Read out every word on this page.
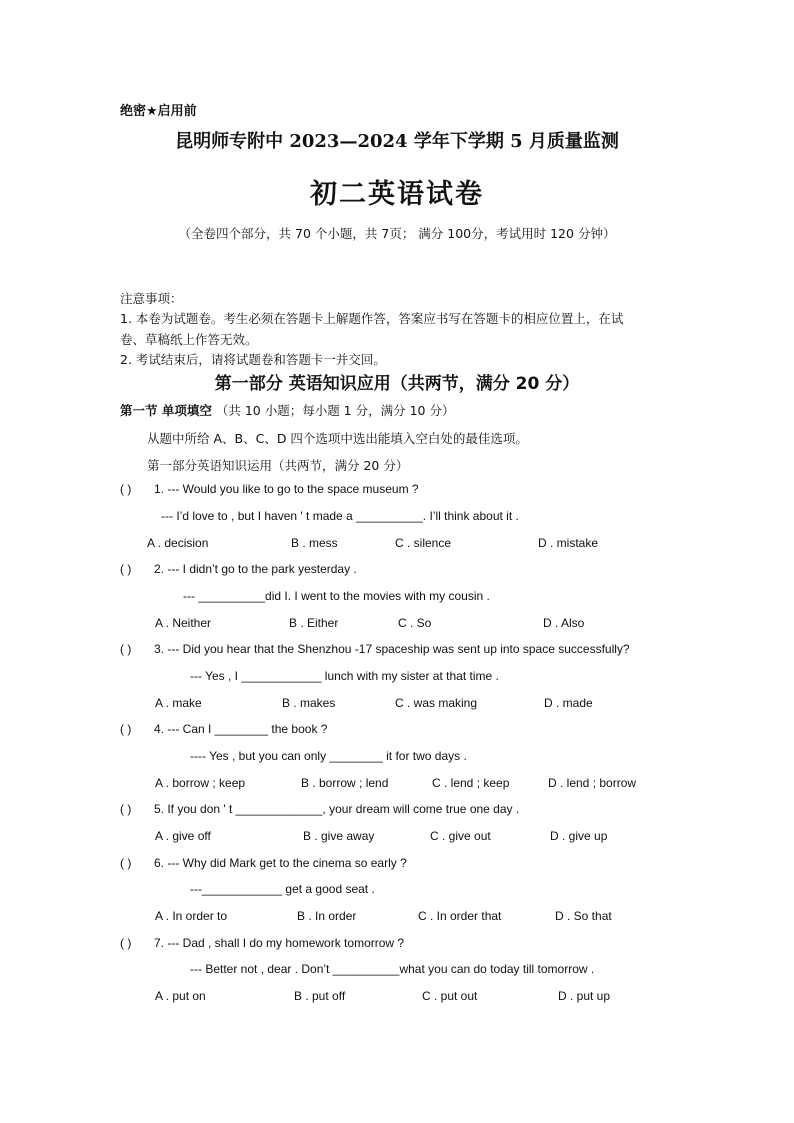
绝密★启用前
昆明师专附中 2023—2024 学年下学期 5 月质量监测
初二英语试卷
（全卷四个部分，共 70 个小题，共 7页； 满分 100分，考试用时 120 分钟）
注意事项：
1. 本卷为试题卷。考生必须在答题卡上解题作答，答案应书写在答题卡的相应位置上，在试
卷、草稿纸上作答无效。
2. 考试结束后，请将试题卷和答题卡一并交回。
第一部分 英语知识应用（共两节，满分 20 分）
第一节 单项填空 （共 10 小题；每小题 1 分，满分 10 分）
从题中所给 A、B、C、D 四个选项中选出能填入空白处的最佳选项。
第一部分英语知识运用（共两节，满分 20 分）
( ) 1. --- Would you like to go to the space museum ?
--- I’d love to , but I haven ' t made a __________. I’ll think about it .
A . decision	B . mess	C . silence	D . mistake
( ) 2. --- I didn’t go to the park yesterday .
--- __________did I. I went to the movies with my cousin .
A . Neither	B . Either	C . So	D . Also
( ) 3. --- Did you hear that the Shenzhou -17 spaceship was sent up into space successfully?
--- Yes , I ____________ lunch with my sister at that time .
A . make	B . makes	C . was making	D . made
( ) 4. --- Can I ________ the book ?
---- Yes , but you can only ________ it for two days .
A . borrow ; keep	B . borrow ; lend	C . lend ; keep	D . lend ; borrow
( ) 5. If you don ' t _____________, your dream will come true one day .
A . give off	B . give away	C . give out	D . give up
( ) 6. --- Why did Mark get to the cinema so early ?
---____________ get a good seat .
A . In order to	B . In order	C . In order that	D . So that
( ) 7. --- Dad , shall I do my homework tomorrow ?
--- Better not , dear . Don’t __________what you can do today till tomorrow .
A . put on	B . put off	C . put out	D . put up
